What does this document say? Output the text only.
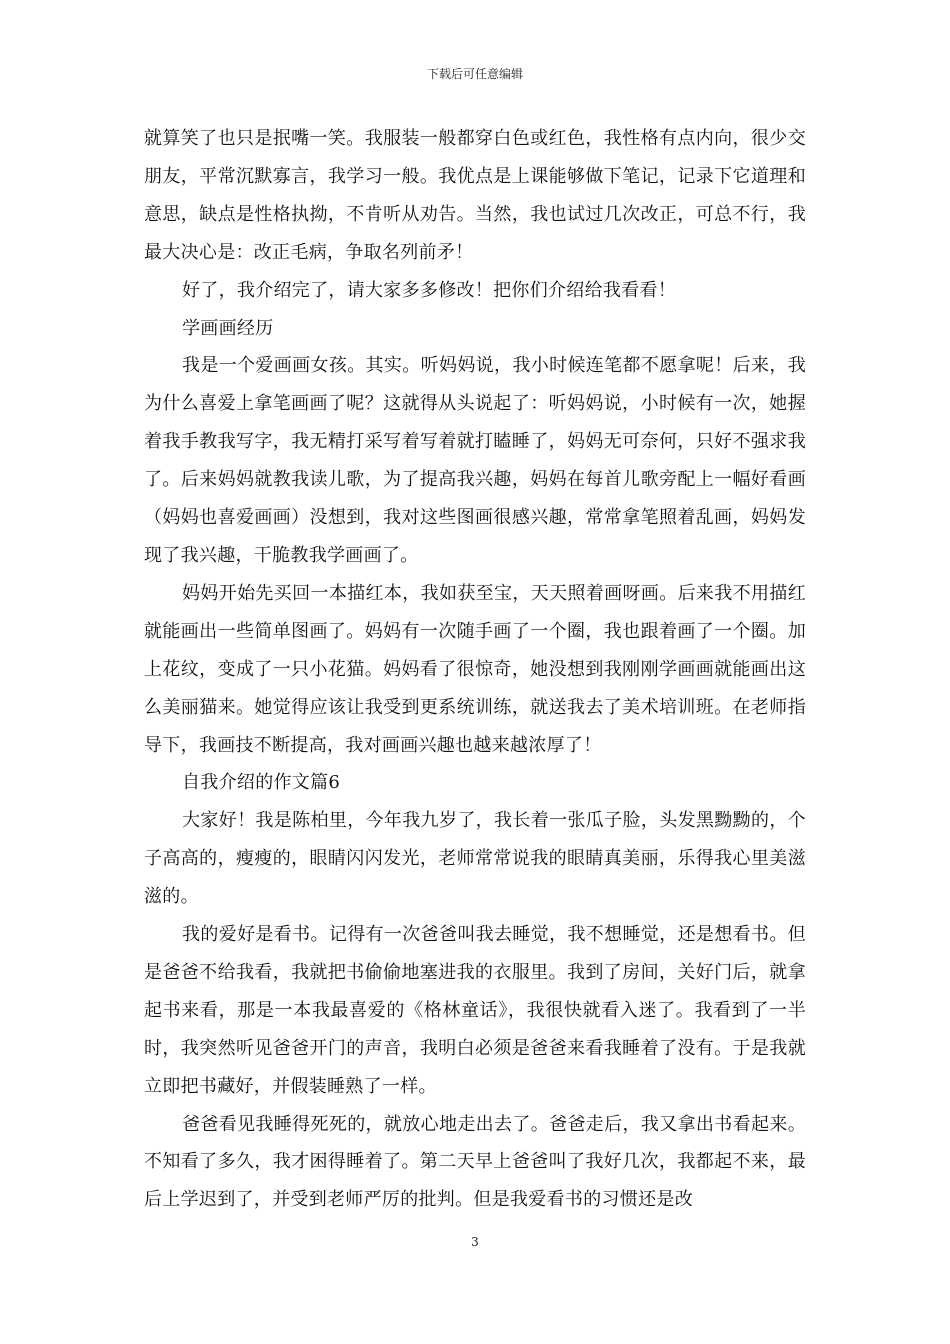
下载后可任意编辑

就算笑了也只是抿嘴一笑。我服装一般都穿白色或红色，我性格有点内向，很少交朋友，平常沉默寡言，我学习一般。我优点是上课能够做下笔记，记录下它道理和意思，缺点是性格执拗，不肯听从劝告。当然，我也试过几次改正，可总不行，我最大决心是：改正毛病，争取名列前矛！

好了，我介绍完了，请大家多多修改！把你们介绍给我看看！

学画画经历

我是一个爱画画女孩。其实。听妈妈说，我小时候连笔都不愿拿呢！后来，我为什么喜爱上拿笔画画了呢？这就得从头说起了：听妈妈说，小时候有一次，她握着我手教我写字，我无精打采写着写着就打瞌睡了，妈妈无可奈何，只好不强求我了。后来妈妈就教我读儿歌，为了提高我兴趣，妈妈在每首儿歌旁配上一幅好看画（妈妈也喜爱画画）没想到，我对这些图画很感兴趣，常常拿笔照着乱画，妈妈发现了我兴趣，干脆教我学画画了。

妈妈开始先买回一本描红本，我如获至宝，天天照着画呀画。后来我不用描红就能画出一些简单图画了。妈妈有一次随手画了一个圈，我也跟着画了一个圈。加上花纹，变成了一只小花猫。妈妈看了很惊奇，她没想到我刚刚学画画就能画出这么美丽猫来。她觉得应该让我受到更系统训练，就送我去了美术培训班。在老师指导下，我画技不断提高，我对画画兴趣也越来越浓厚了！

自我介绍的作文篇6

大家好！我是陈柏里，今年我九岁了，我长着一张瓜子脸，头发黑黝黝的，个子高高的，瘦瘦的，眼睛闪闪发光，老师常常说我的眼睛真美丽，乐得我心里美滋滋的。

我的爱好是看书。记得有一次爸爸叫我去睡觉，我不想睡觉，还是想看书。但是爸爸不给我看，我就把书偷偷地塞进我的衣服里。我到了房间，关好门后，就拿起书来看，那是一本我最喜爱的《格林童话》，我很快就看入迷了。我看到了一半时，我突然听见爸爸开门的声音，我明白必须是爸爸来看我睡着了没有。于是我就立即把书藏好，并假装睡熟了一样。

爸爸看见我睡得死死的，就放心地走出去了。爸爸走后，我又拿出书看起来。不知看了多久，我才困得睡着了。第二天早上爸爸叫了我好几次，我都起不来，最后上学迟到了，并受到老师严厉的批判。但是我爱看书的习惯还是改

3
